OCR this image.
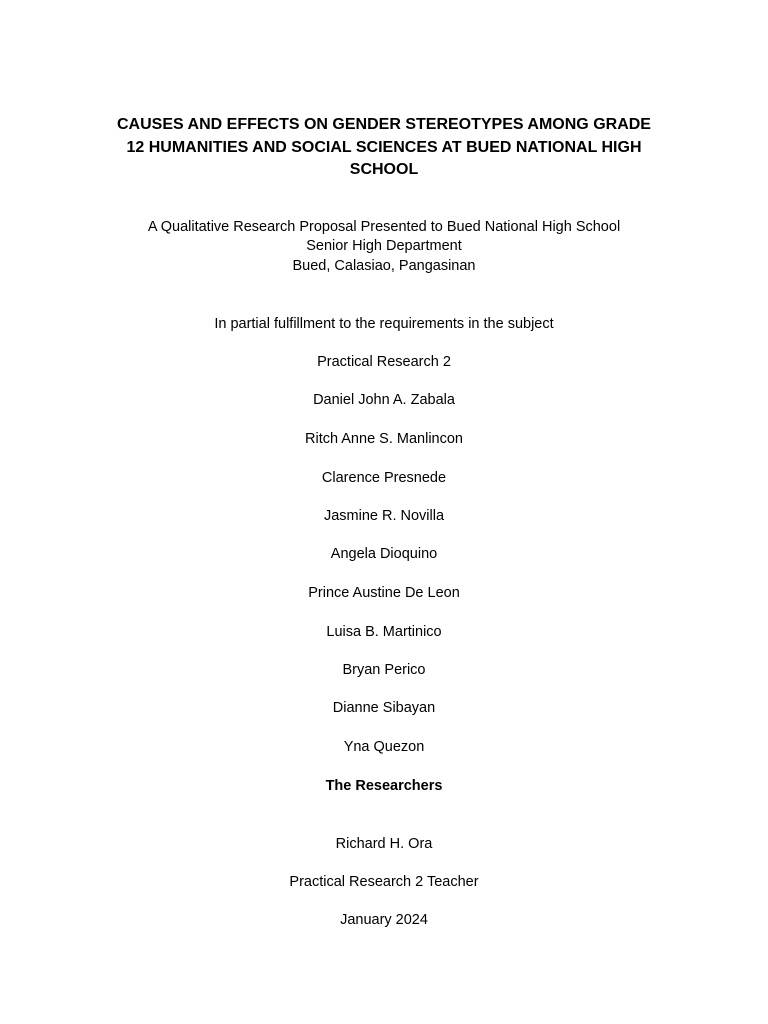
CAUSES AND EFFECTS ON GENDER STEREOTYPES AMONG GRADE
12 HUMANITIES AND SOCIAL SCIENCES AT BUED NATIONAL HIGH
SCHOOL

A Qualitative Research Proposal Presented to Bued National High School

Senior High Department

Bued, Calasiao, Pangasinan

In partial fulfillment to the requirements in the subject

Practical Research 2

Daniel John A. Zabala

Ritch Anne S. Manlincon

Clarence Presnede

Jasmine R. Novilla

Angela Dioquino

Prince Austine De Leon

Luisa B. Martinico

Bryan Perico

Dianne Sibayan

Yna Quezon

The Researchers

Richard H. Ora

Practical Research 2 Teacher

January 2024
